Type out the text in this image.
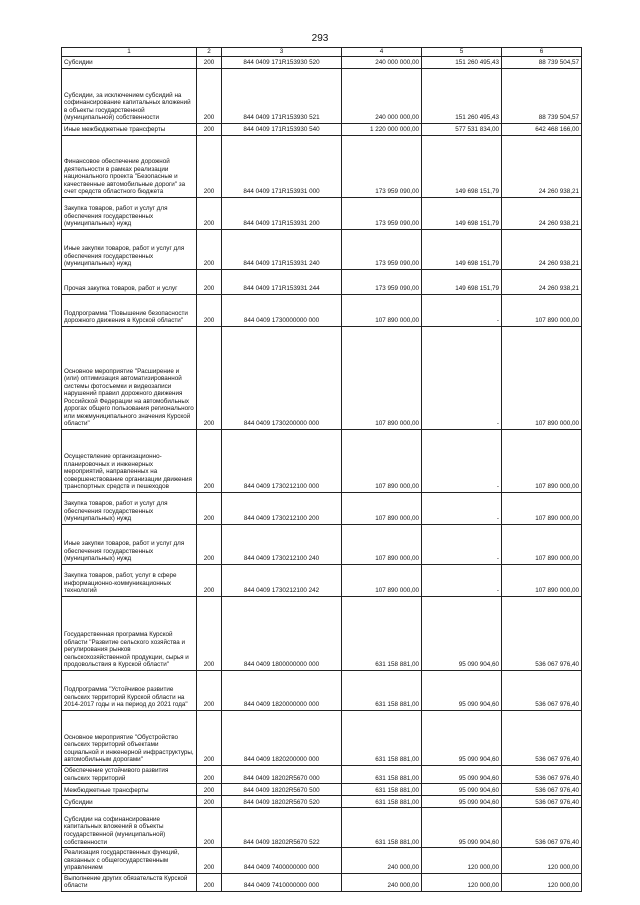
293
1	2	3	4	5	6
Субсидии	200	844 0409 171R153930 520	240 000 000,00	151 260 495,43	88 739 504,57
Субсидии, за исключением субсидий на софинансирование капитальных вложений в объекты государственной (муниципальной) собственности	200	844 0409 171R153930 521	240 000 000,00	151 260 495,43	88 739 504,57
Иные межбюджетные трансферты	200	844 0409 171R153930 540	1 220 000 000,00	577 531 834,00	642 468 166,00
Финансовое обеспечение дорожной деятельности в рамках реализации национального проекта "Безопасные и качественные автомобильные дороги" за счет средств областного бюджета	200	844 0409 171R153931 000	173 959 090,00	149 698 151,79	24 260 938,21
Закупка товаров, работ и услуг для обеспечения государственных (муниципальных) нужд	200	844 0409 171R153931 200	173 959 090,00	149 698 151,79	24 260 938,21
Иные закупки товаров, работ и услуг для обеспечения государственных (муниципальных) нужд	200	844 0409 171R153931 240	173 959 090,00	149 698 151,79	24 260 938,21
Прочая закупка товаров, работ и услуг	200	844 0409 171R153931 244	173 959 090,00	149 698 151,79	24 260 938,21
Подпрограмма "Повышение безопасности дорожного движения в Курской области"	200	844 0409 1730000000 000	107 890 000,00	-	107 890 000,00
Основное мероприятие "Расширение и (или) оптимизация автоматизированной системы фотосъемки и видеозаписи нарушений правил дорожного движения Российской Федерации на автомобильных дорогах общего пользования регионального или межмуниципального значения Курской области"	200	844 0409 1730200000 000	107 890 000,00	-	107 890 000,00
Осуществление организационно-планировочных и инженерных мероприятий, направленных на совершенствование организации движения транспортных средств и пешеходов	200	844 0409 1730212100 000	107 890 000,00	-	107 890 000,00
Закупка товаров, работ и услуг для обеспечения государственных (муниципальных) нужд	200	844 0409 1730212100 200	107 890 000,00	-	107 890 000,00
Иные закупки товаров, работ и услуг для обеспечения государственных (муниципальных) нужд	200	844 0409 1730212100 240	107 890 000,00	-	107 890 000,00
Закупка товаров, работ, услуг в сфере информационно-коммуникационных технологий	200	844 0409 1730212100 242	107 890 000,00	-	107 890 000,00
Государственная программа Курской области "Развитие сельского хозяйства и регулирования рынков сельскохозяйственной продукции, сырья и продовольствия в Курской области"	200	844 0409 1800000000 000	631 158 881,00	95 090 904,60	536 067 976,40
Подпрограмма "Устойчивое развитие сельских территорий Курской области на 2014-2017 годы и на период до 2021 года"	200	844 0409 1820000000 000	631 158 881,00	95 090 904,60	536 067 976,40
Основное мероприятие "Обустройство сельских территорий объектами социальной и инженерной инфраструктуры, автомобильным дорогами"	200	844 0409 1820200000 000	631 158 881,00	95 090 904,60	536 067 976,40
Обеспечение устойчивого развития сельских территорий	200	844 0409 18202R5670 000	631 158 881,00	95 090 904,60	536 067 976,40
Межбюджетные трансферты	200	844 0409 18202R5670 500	631 158 881,00	95 090 904,60	536 067 976,40
Субсидии	200	844 0409 18202R5670 520	631 158 881,00	95 090 904,60	536 067 976,40
Субсидии на софинансирование капитальных вложений в объекты государственной (муниципальной) собственности	200	844 0409 18202R5670 522	631 158 881,00	95 090 904,60	536 067 976,40
Реализация государственных функций, связанных с общегосударственным управлением	200	844 0409 7400000000 000	240 000,00	120 000,00	120 000,00
Выполнение других обязательств Курской области	200	844 0409 7410000000 000	240 000,00	120 000,00	120 000,00
